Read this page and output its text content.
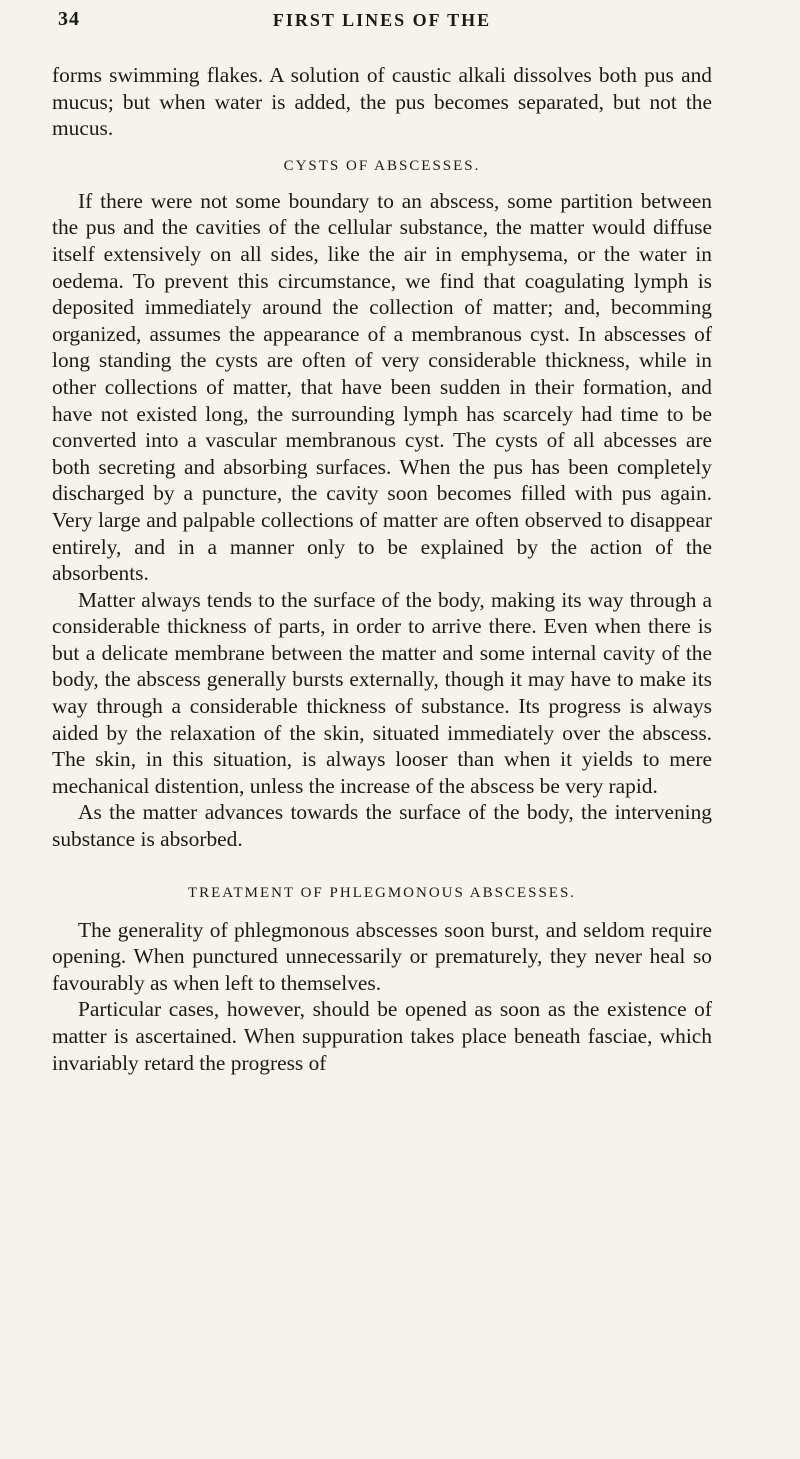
34	FIRST LINES OF THE

forms swimming flakes. A solution of caustic alkali dissolves both pus and mucus; but when water is added, the pus becomes separated, but not the mucus.

CYSTS OF ABSCESSES.

If there were not some boundary to an abscess, some partition between the pus and the cavities of the cellular substance, the matter would diffuse itself extensively on all sides, like the air in emphysema, or the water in oedema. To prevent this circumstance, we find that coagulating lymph is deposited immediately around the collection of matter; and, becomming organized, assumes the appearance of a membranous cyst. In abscesses of long standing the cysts are often of very considerable thickness, while in other collections of matter, that have been sudden in their formation, and have not existed long, the surrounding lymph has scarcely had time to be converted into a vascular membranous cyst. The cysts of all abcesses are both secreting and absorbing surfaces. When the pus has been completely discharged by a puncture, the cavity soon becomes filled with pus again. Very large and palpable collections of matter are often observed to disappear entirely, and in a manner only to be explained by the action of the absorbents.

Matter always tends to the surface of the body, making its way through a considerable thickness of parts, in order to arrive there. Even when there is but a delicate membrane between the matter and some internal cavity of the body, the abscess generally bursts externally, though it may have to make its way through a considerable thickness of substance. Its progress is always aided by the relaxation of the skin, situated immediately over the abscess. The skin, in this situation, is always looser than when it yields to mere mechanical distention, unless the increase of the abscess be very rapid.

As the matter advances towards the surface of the body, the intervening substance is absorbed.

TREATMENT OF PHLEGMONOUS ABSCESSES.

The generality of phlegmonous abscesses soon burst, and seldom require opening. When punctured unnecessarily or prematurely, they never heal so favourably as when left to themselves.

Particular cases, however, should be opened as soon as the existence of matter is ascertained. When suppuration takes place beneath fasciae, which invariably retard the progress of
